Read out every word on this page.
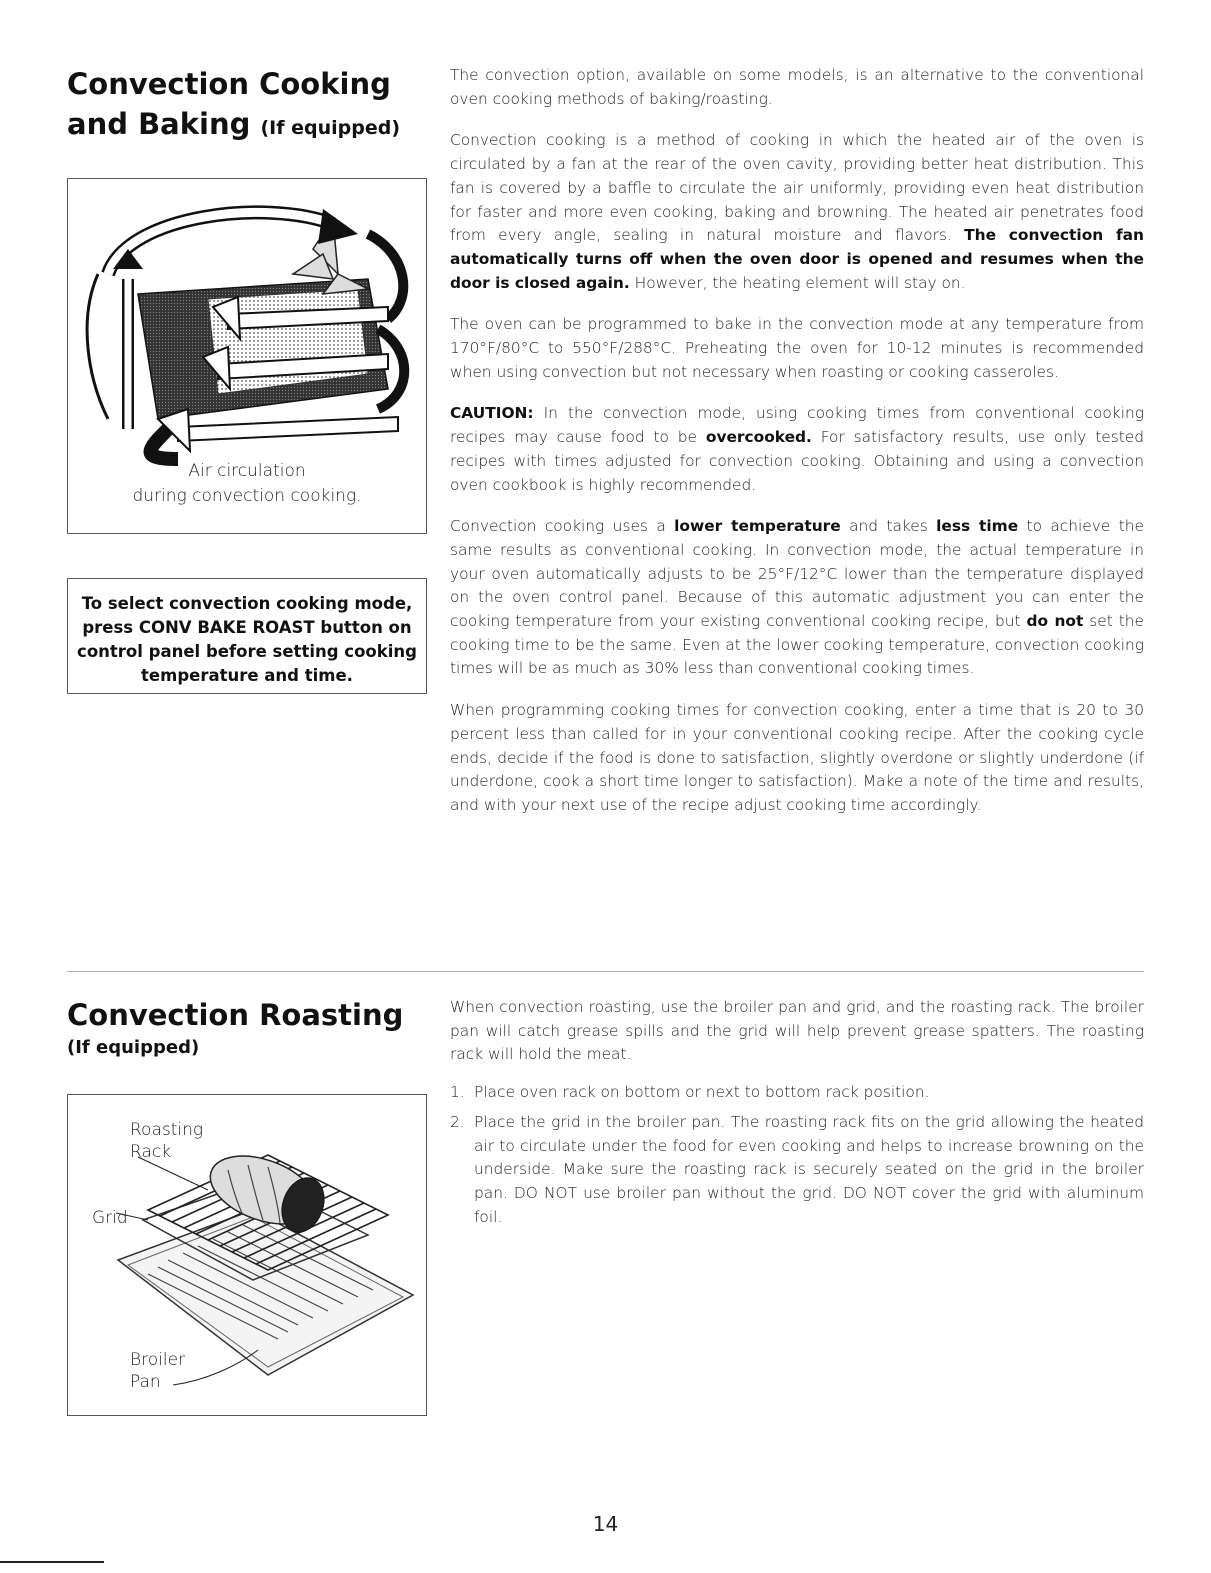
Convection Cooking
and Baking (If equipped)
Air circulation
during convection cooking.
To select convection cooking mode,
press CONV BAKE ROAST button on
control panel before setting cooking
temperature and time.

The convection option, available on some models, is an alternative to the conventional oven cooking methods of baking/roasting.

Convection cooking is a method of cooking in which the heated air of the oven is circulated by a fan at the rear of the oven cavity, providing better heat distribution. This fan is covered by a baffle to circulate the air uniformly, providing even heat distribution for faster and more even cooking, baking and browning. The heated air penetrates food from every angle, sealing in natural moisture and flavors. The convection fan automatically turns off when the oven door is opened and resumes when the door is closed again. However, the heating element will stay on.

The oven can be programmed to bake in the convection mode at any temperature from 170°F/80°C to 550°F/288°C. Preheating the oven for 10-12 minutes is recommended when using convection but not necessary when roasting or cooking casseroles.

CAUTION: In the convection mode, using cooking times from conventional cooking recipes may cause food to be overcooked. For satisfactory results, use only tested recipes with times adjusted for convection cooking. Obtaining and using a convection oven cookbook is highly recommended.

Convection cooking uses a lower temperature and takes less time to achieve the same results as conventional cooking. In convection mode, the actual temperature in your oven automatically adjusts to be 25°F/12°C lower than the temperature displayed on the oven control panel. Because of this automatic adjustment you can enter the cooking temperature from your existing conventional cooking recipe, but do not set the cooking time to be the same. Even at the lower cooking temperature, convection cooking times will be as much as 30% less than conventional cooking times.

When programming cooking times for convection cooking, enter a time that is 20 to 30 percent less than called for in your conventional cooking recipe. After the cooking cycle ends, decide if the food is done to satisfaction, slightly overdone or slightly underdone (if underdone, cook a short time longer to satisfaction). Make a note of the time and results, and with your next use of the recipe adjust cooking time accordingly.

Convection Roasting
(If equipped)
Roasting
Rack
Grid
Broiler
Pan

When convection roasting, use the broiler pan and grid, and the roasting rack. The broiler pan will catch grease spills and the grid will help prevent grease spatters. The roasting rack will hold the meat.

1. Place oven rack on bottom or next to bottom rack position.
2. Place the grid in the broiler pan. The roasting rack fits on the grid allowing the heated air to circulate under the food for even cooking and helps to increase browning on the underside. Make sure the roasting rack is securely seated on the grid in the broiler pan. DO NOT use broiler pan without the grid. DO NOT cover the grid with aluminum foil.
14
